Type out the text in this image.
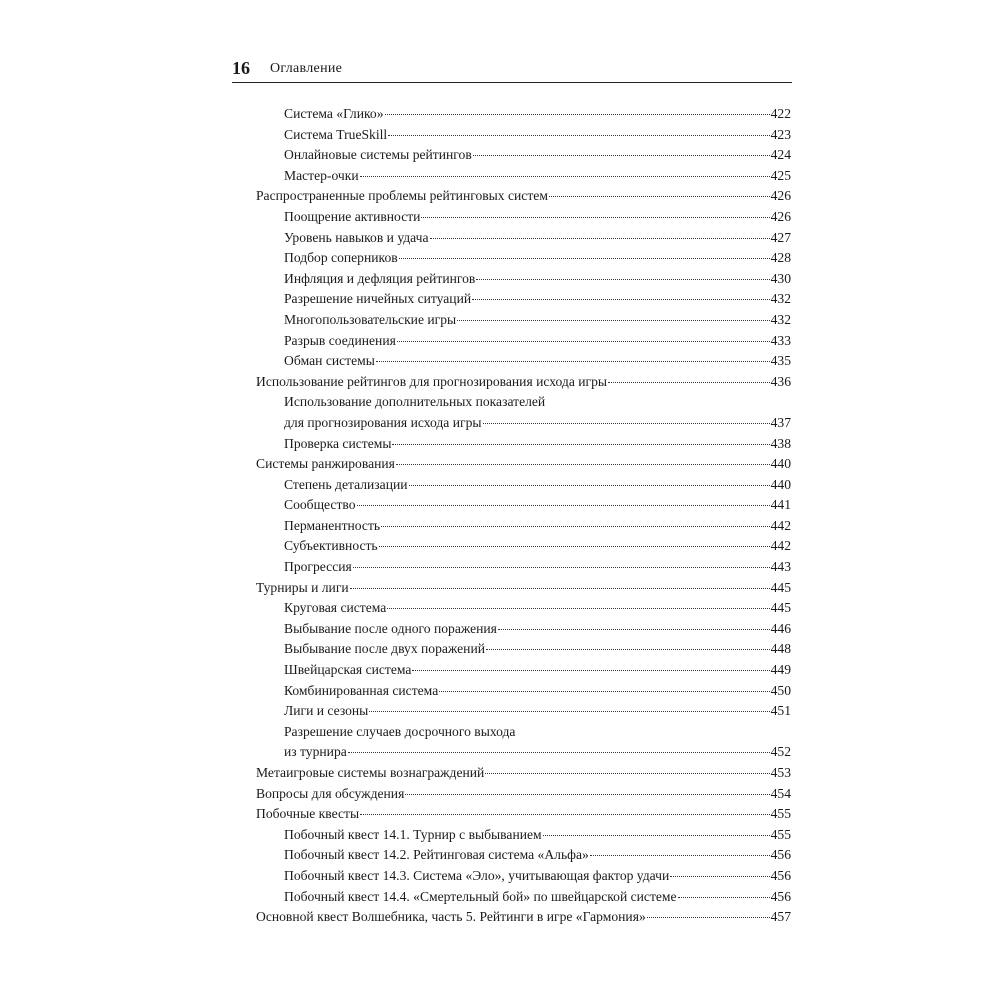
16 Оглавление
Система «Глико»	422
Система TrueSkill	423
Онлайновые системы рейтингов	424
Мастер-очки	425
Распространенные проблемы рейтинговых систем	426
Поощрение активности	426
Уровень навыков и удача	427
Подбор соперников	428
Инфляция и дефляция рейтингов	430
Разрешение ничейных ситуаций	432
Многопользовательские игры	432
Разрыв соединения	433
Обман системы	435
Использование рейтингов для прогнозирования исхода игры	436
Использование дополнительных показателей
для прогнозирования исхода игры	437
Проверка системы	438
Системы ранжирования	440
Степень детализации	440
Сообщество	441
Перманентность	442
Субъективность	442
Прогрессия	443
Турниры и лиги	445
Круговая система	445
Выбывание после одного поражения	446
Выбывание после двух поражений	448
Швейцарская система	449
Комбинированная система	450
Лиги и сезоны	451
Разрешение случаев досрочного выхода
из турнира	452
Метаигровые системы вознаграждений	453
Вопросы для обсуждения	454
Побочные квесты	455
Побочный квест 14.1. Турнир с выбыванием	455
Побочный квест 14.2. Рейтинговая система «Альфа»	456
Побочный квест 14.3. Система «Эло», учитывающая фактор удачи	456
Побочный квест 14.4. «Смертельный бой» по швейцарской системе	456
Основной квест Волшебника, часть 5. Рейтинги в игре «Гармония»	457
